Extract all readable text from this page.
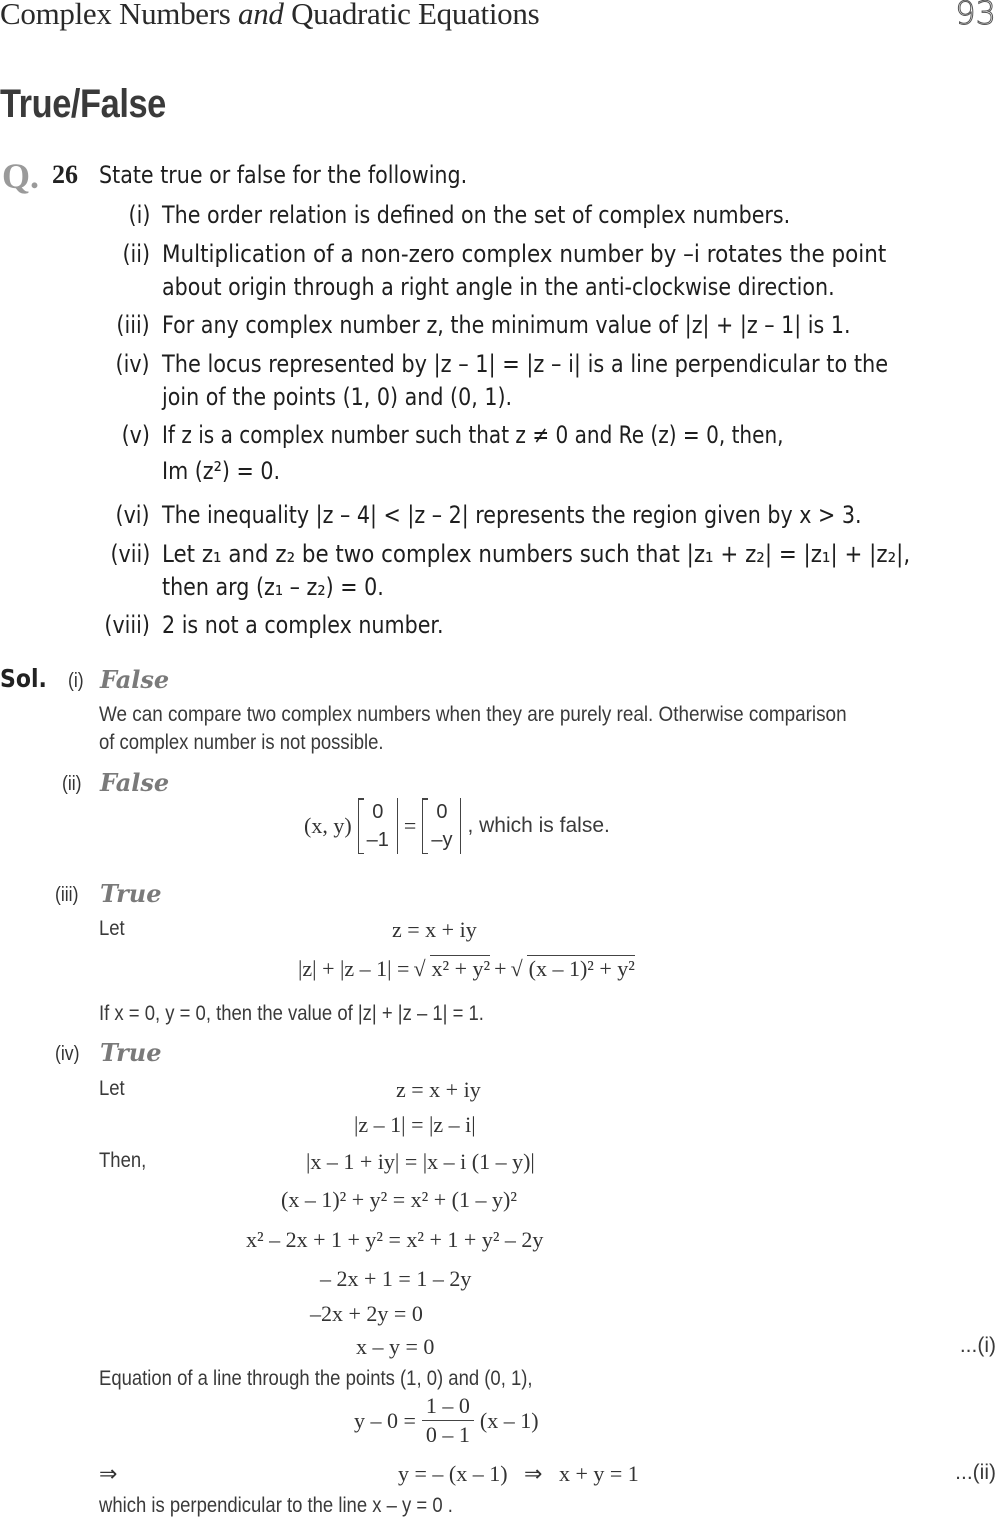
Complex Numbers and Quadratic Equations	93
True/False
Q. 26 State true or false for the following.
(i) The order relation is defined on the set of complex numbers.
(ii) Multiplication of a non-zero complex number by –i rotates the point
about origin through a right angle in the anti-clockwise direction.
(iii) For any complex number z, the minimum value of |z| + |z – 1| is 1.
(iv) The locus represented by |z – 1| = |z – i| is a line perpendicular to the
join of the points (1, 0) and (0, 1).
(v) If z is a complex number such that z ≠ 0 and Re (z) = 0, then,
Im (z²) = 0.
(vi) The inequality |z – 4| < |z – 2| represents the region given by x > 3.
(vii) Let z₁ and z₂ be two complex numbers such that |z₁ + z₂| = |z₁| + |z₂|,
then arg (z₁ – z₂) = 0.
(viii) 2 is not a complex number.
Sol. (i) False
We can compare two complex numbers when they are purely real. Otherwise comparison
of complex number is not possible.
(ii) False
(x, y)
0
–1
=
0
–y
, which is false.
(iii) True
Let	z = x + iy
|z| + |z – 1| = √ x² + y² + √ (x – 1)² + y²
If x = 0, y = 0, then the value of |z| + |z – 1| = 1.
(iv) True
Let	z = x + iy
|z – 1| = |z – i|
Then,	|x – 1 + iy| = |x – i (1 – y)|
(x – 1)² + y² = x² + (1 – y)²
x² – 2x + 1 + y² = x² + 1 + y² – 2y
– 2x + 1 = 1 – 2y
–2x + 2y = 0
x – y = 0	...(i)
Equation of a line through the points (1, 0) and (0, 1),
$y - 0 = \frac{1 - 0}{0 - 1} (x - 1)$
⇒	y = – (x – 1)   ⇒   x + y = 1	...(ii)
which is perpendicular to the line x – y = 0 .
